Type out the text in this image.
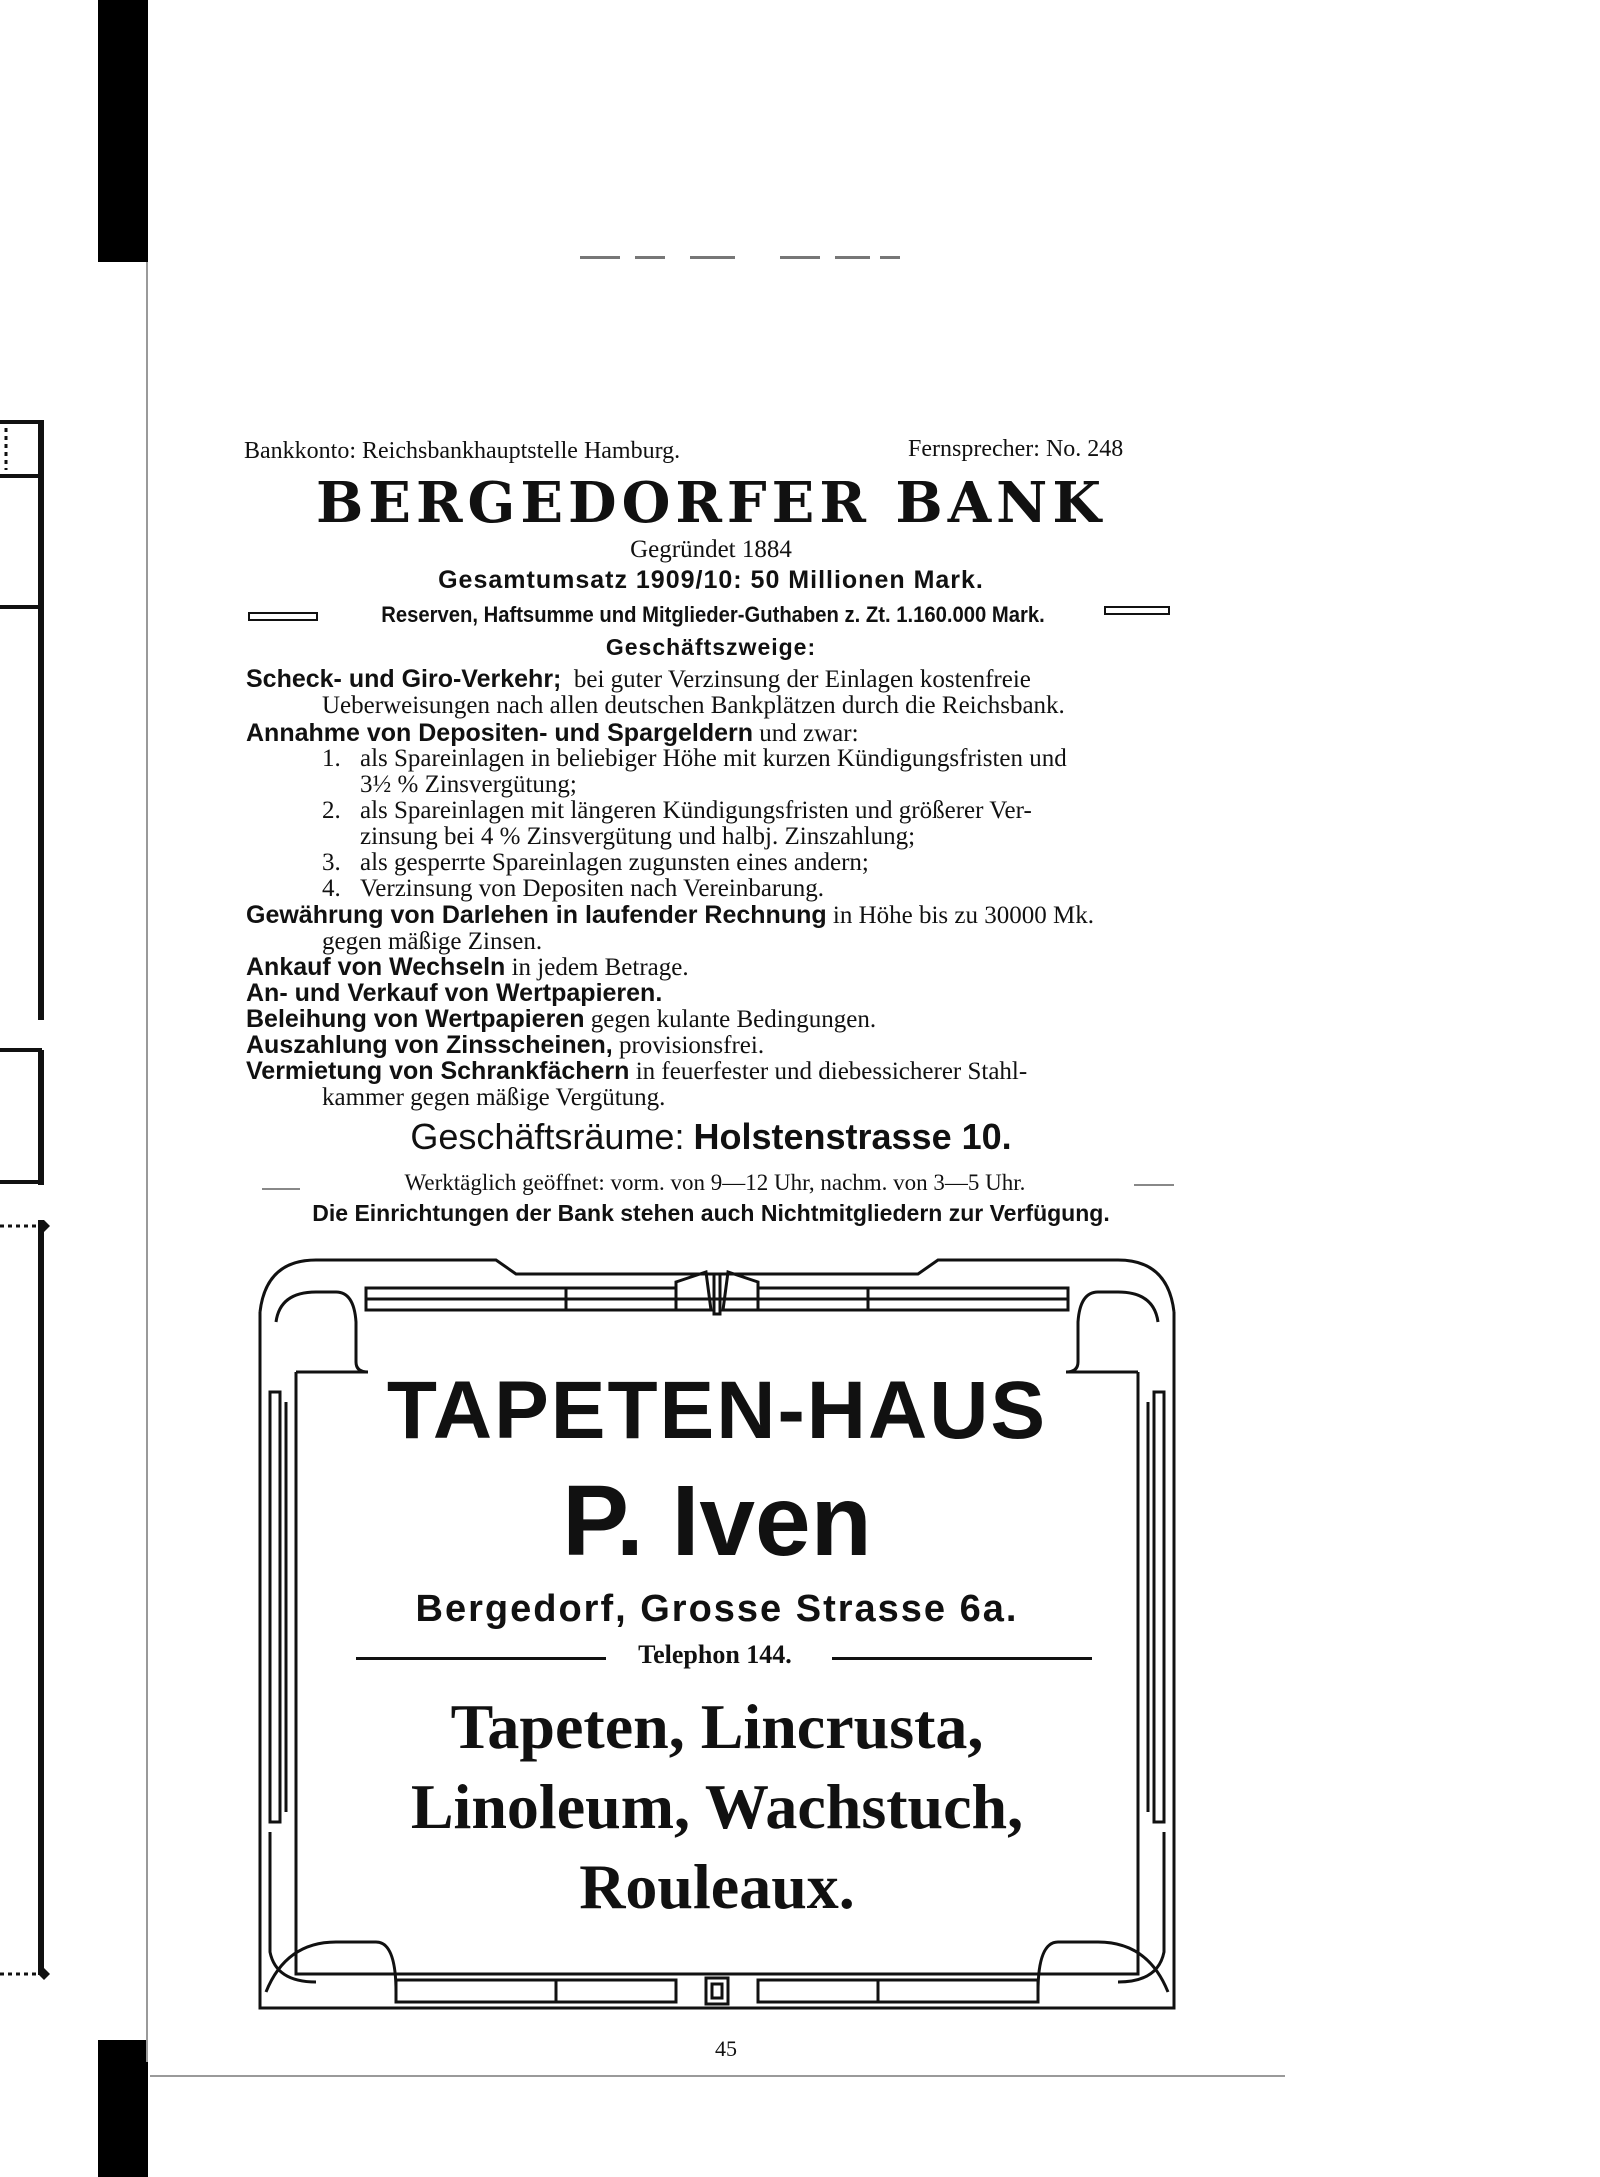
Bankkonto: Reichsbankhauptstelle Hamburg.	Fernsprecher: No. 248
BERGEDORFER BANK
Gegründet 1884
Gesamtumsatz 1909/10: 50 Millionen Mark.
Reserven, Haftsumme und Mitglieder-Guthaben z. Zt. 1.160.000 Mark.
Geschäftszweige:
Scheck- und Giro-Verkehr; bei guter Verzinsung der Einlagen kostenfreie
Ueberweisungen nach allen deutschen Bankplätzen durch die Reichsbank.
Annahme von Depositen- und Spargeldern und zwar:
1. als Spareinlagen in beliebiger Höhe mit kurzen Kündigungsfristen und
3½ % Zinsvergütung;
2. als Spareinlagen mit längeren Kündigungsfristen und größerer Ver-
zinsung bei 4 % Zinsvergütung und halbj. Zinszahlung;
3. als gesperrte Spareinlagen zugunsten eines andern;
4. Verzinsung von Depositen nach Vereinbarung.
Gewährung von Darlehen in laufender Rechnung in Höhe bis zu 30000 Mk.
gegen mäßige Zinsen.
Ankauf von Wechseln in jedem Betrage.
An- und Verkauf von Wertpapieren.
Beleihung von Wertpapieren gegen kulante Bedingungen.
Auszahlung von Zinsscheinen, provisionsfrei.
Vermietung von Schrankfächern in feuerfester und diebessicherer Stahl-
kammer gegen mäßige Vergütung.
Geschäftsräume: Holstenstrasse 10.
Werktäglich geöffnet: vorm. von 9—12 Uhr, nachm. von 3—5 Uhr.
Die Einrichtungen der Bank stehen auch Nichtmitgliedern zur Verfügung.
TAPETEN-HAUS
P. Iven
Bergedorf, Grosse Strasse 6a.
Telephon 144.
Tapeten, Lincrusta,
Linoleum, Wachstuch,
Rouleaux.
45
